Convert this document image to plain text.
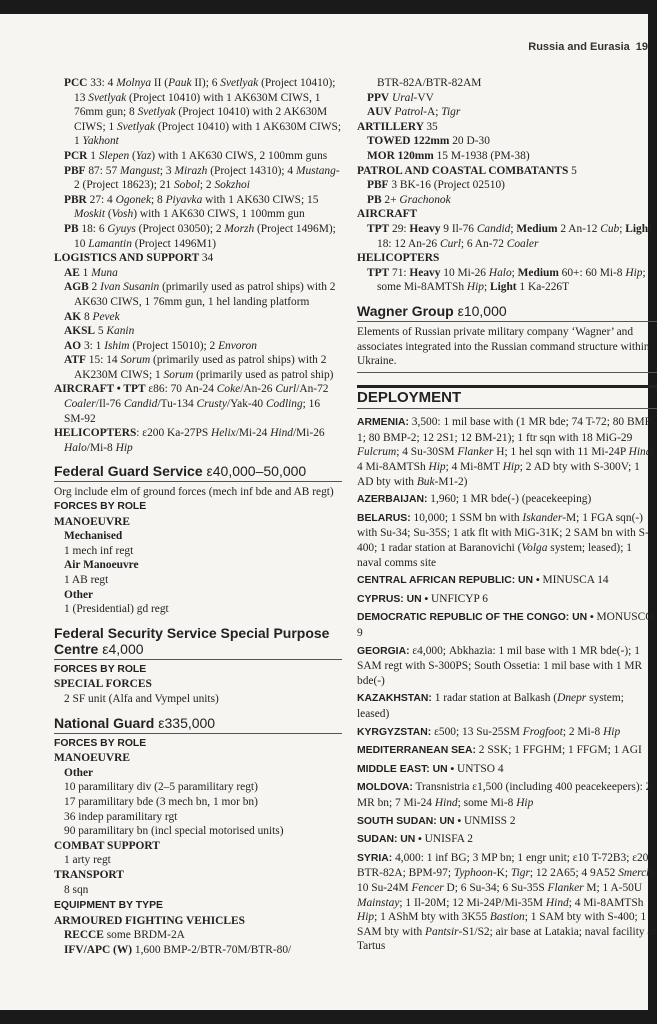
Russia and Eurasia 19

PCC 33: 4 Molnya II (Pauk II); 6 Svetlyak (Project 10410); 13 Svetlyak (Project 10410) with 1 AK630M CIWS, 1 76mm gun; 8 Svetlyak (Project 10410) with 2 AK630M CIWS; 1 Svetlyak (Project 10410) with 1 AK630M CIWS; 1 Yakhont

PCR 1 Slepen (Yaz) with 1 AK630 CIWS, 2 100mm guns

PBF 87: 57 Mangust; 3 Mirazh (Project 14310); 4 Mustang-2 (Project 18623); 21 Sobol; 2 Sokzhoi

PBR 27: 4 Ogonek; 8 Piyavka with 1 AK630 CIWS; 15 Moskit (Vosh) with 1 AK630 CIWS, 1 100mm gun

PB 18: 6 Gyuys (Project 03050); 2 Morzh (Project 1496M); 10 Lamantin (Project 1496M1)

LOGISTICS AND SUPPORT 34

AE 1 Muna

AGB 2 Ivan Susanin (primarily used as patrol ships) with 2 AK630 CIWS, 1 76mm gun, 1 hel landing platform

AK 8 Pevek

AKSL 5 Kanin

AO 3: 1 Ishim (Project 15010); 2 Envoron

ATF 15: 14 Sorum (primarily used as patrol ships) with 2 AK230M CIWS; 1 Sorum (primarily used as patrol ship)

AIRCRAFT • TPT ε86: 70 An-24 Coke/An-26 Curl/An-72 Coaler/Il-76 Candid/Tu-134 Crusty/Yak-40 Codling; 16 SM-92

HELICOPTERS: ε200 Ka-27PS Helix/Mi-24 Hind/Mi-26 Halo/Mi-8 Hip

Federal Guard Service ε40,000–50,000

Org include elm of ground forces (mech inf bde and AB regt)

FORCES BY ROLE

MANOEUVRE

Mechanised

1 mech inf regt

Air Manoeuvre

1 AB regt

Other

1 (Presidential) gd regt

Federal Security Service Special Purpose Centre ε4,000

FORCES BY ROLE

SPECIAL FORCES

2 SF unit (Alfa and Vympel units)

National Guard ε335,000

FORCES BY ROLE

MANOEUVRE

Other

10 paramilitary div (2–5 paramilitary regt)

17 paramilitary bde (3 mech bn, 1 mor bn)

36 indep paramilitary rgt

90 paramilitary bn (incl special motorised units)

COMBAT SUPPORT

1 arty regt

TRANSPORT

8 sqn

EQUIPMENT BY TYPE

ARMOURED FIGHTING VEHICLES

RECCE some BRDM-2A

IFV/APC (W) 1,600 BMP-2/BTR-70M/BTR-80/

BTR-82A/BTR-82AM

PPV Ural-VV

AUV Patrol-A; Tigr

ARTILLERY 35

TOWED 122mm 20 D-30

MOR 120mm 15 M-1938 (PM-38)

PATROL AND COASTAL COMBATANTS 5

PBF 3 BK-16 (Project 02510)

PB 2+ Grachonok

AIRCRAFT

TPT 29: Heavy 9 Il-76 Candid; Medium 2 An-12 Cub; Light 18: 12 An-26 Curl; 6 An-72 Coaler

HELICOPTERS

TPT 71: Heavy 10 Mi-26 Halo; Medium 60+: 60 Mi-8 Hip; some Mi-8AMTSh Hip; Light 1 Ka-226T

Wagner Group ε10,000

Elements of Russian private military company ‘Wagner’ and associates integrated into the Russian command structure within Ukraine.

DEPLOYMENT

ARMENIA: 3,500: 1 mil base with (1 MR bde; 74 T-72; 80 BMP-1; 80 BMP-2; 12 2S1; 12 BM-21); 1 ftr sqn with 18 MiG-29 Fulcrum; 4 Su-30SM Flanker H; 1 hel sqn with 11 Mi-24P Hind; 4 Mi-8AMTSh Hip; 4 Mi-8MT Hip; 2 AD bty with S-300V; 1 AD bty with Buk-M1-2)

AZERBAIJAN: 1,960; 1 MR bde(-) (peacekeeping)

BELARUS: 10,000; 1 SSM bn with Iskander-M; 1 FGA sqn(-) with Su-34; Su-35S; 1 atk flt with MiG-31K; 2 SAM bn with S-400; 1 radar station at Baranovichi (Volga system; leased); 1 naval comms site

CENTRAL AFRICAN REPUBLIC: UN • MINUSCA 14

CYPRUS: UN • UNFICYP 6

DEMOCRATIC REPUBLIC OF THE CONGO: UN • MONUSCO 9

GEORGIA: ε4,000; Abkhazia: 1 mil base with 1 MR bde(-); 1 SAM regt with S-300PS; South Ossetia: 1 mil base with 1 MR bde(-)

KAZAKHSTAN: 1 radar station at Balkash (Dnepr system; leased)

KYRGYZSTAN: ε500; 13 Su-25SM Frogfoot; 2 Mi-8 Hip

MEDITERRANEAN SEA: 2 SSK; 1 FFGHM; 1 FFGM; 1 AGI

MIDDLE EAST: UN • UNTSO 4

MOLDOVA: Transnistria ε1,500 (including 400 peacekeepers): 2 MR bn; 7 Mi-24 Hind; some Mi-8 Hip

SOUTH SUDAN: UN • UNMISS 2

SUDAN: UN • UNISFA 2

SYRIA: 4,000: 1 inf BG; 3 MP bn; 1 engr unit; ε10 T-72B3; ε20 BTR-82A; BPM-97; Typhoon-K; Tigr; 12 2A65; 4 9A52 Smerch; 10 Su-24M Fencer D; 6 Su-34; 6 Su-35S Flanker M; 1 A-50U Mainstay; 1 Il-20M; 12 Mi-24P/Mi-35M Hind; 4 Mi-8AMTSh Hip; 1 AShM bty with 3K55 Bastion; 1 SAM bty with S-400; 1 SAM bty with Pantsir-S1/S2; air base at Latakia; naval facility at Tartus
